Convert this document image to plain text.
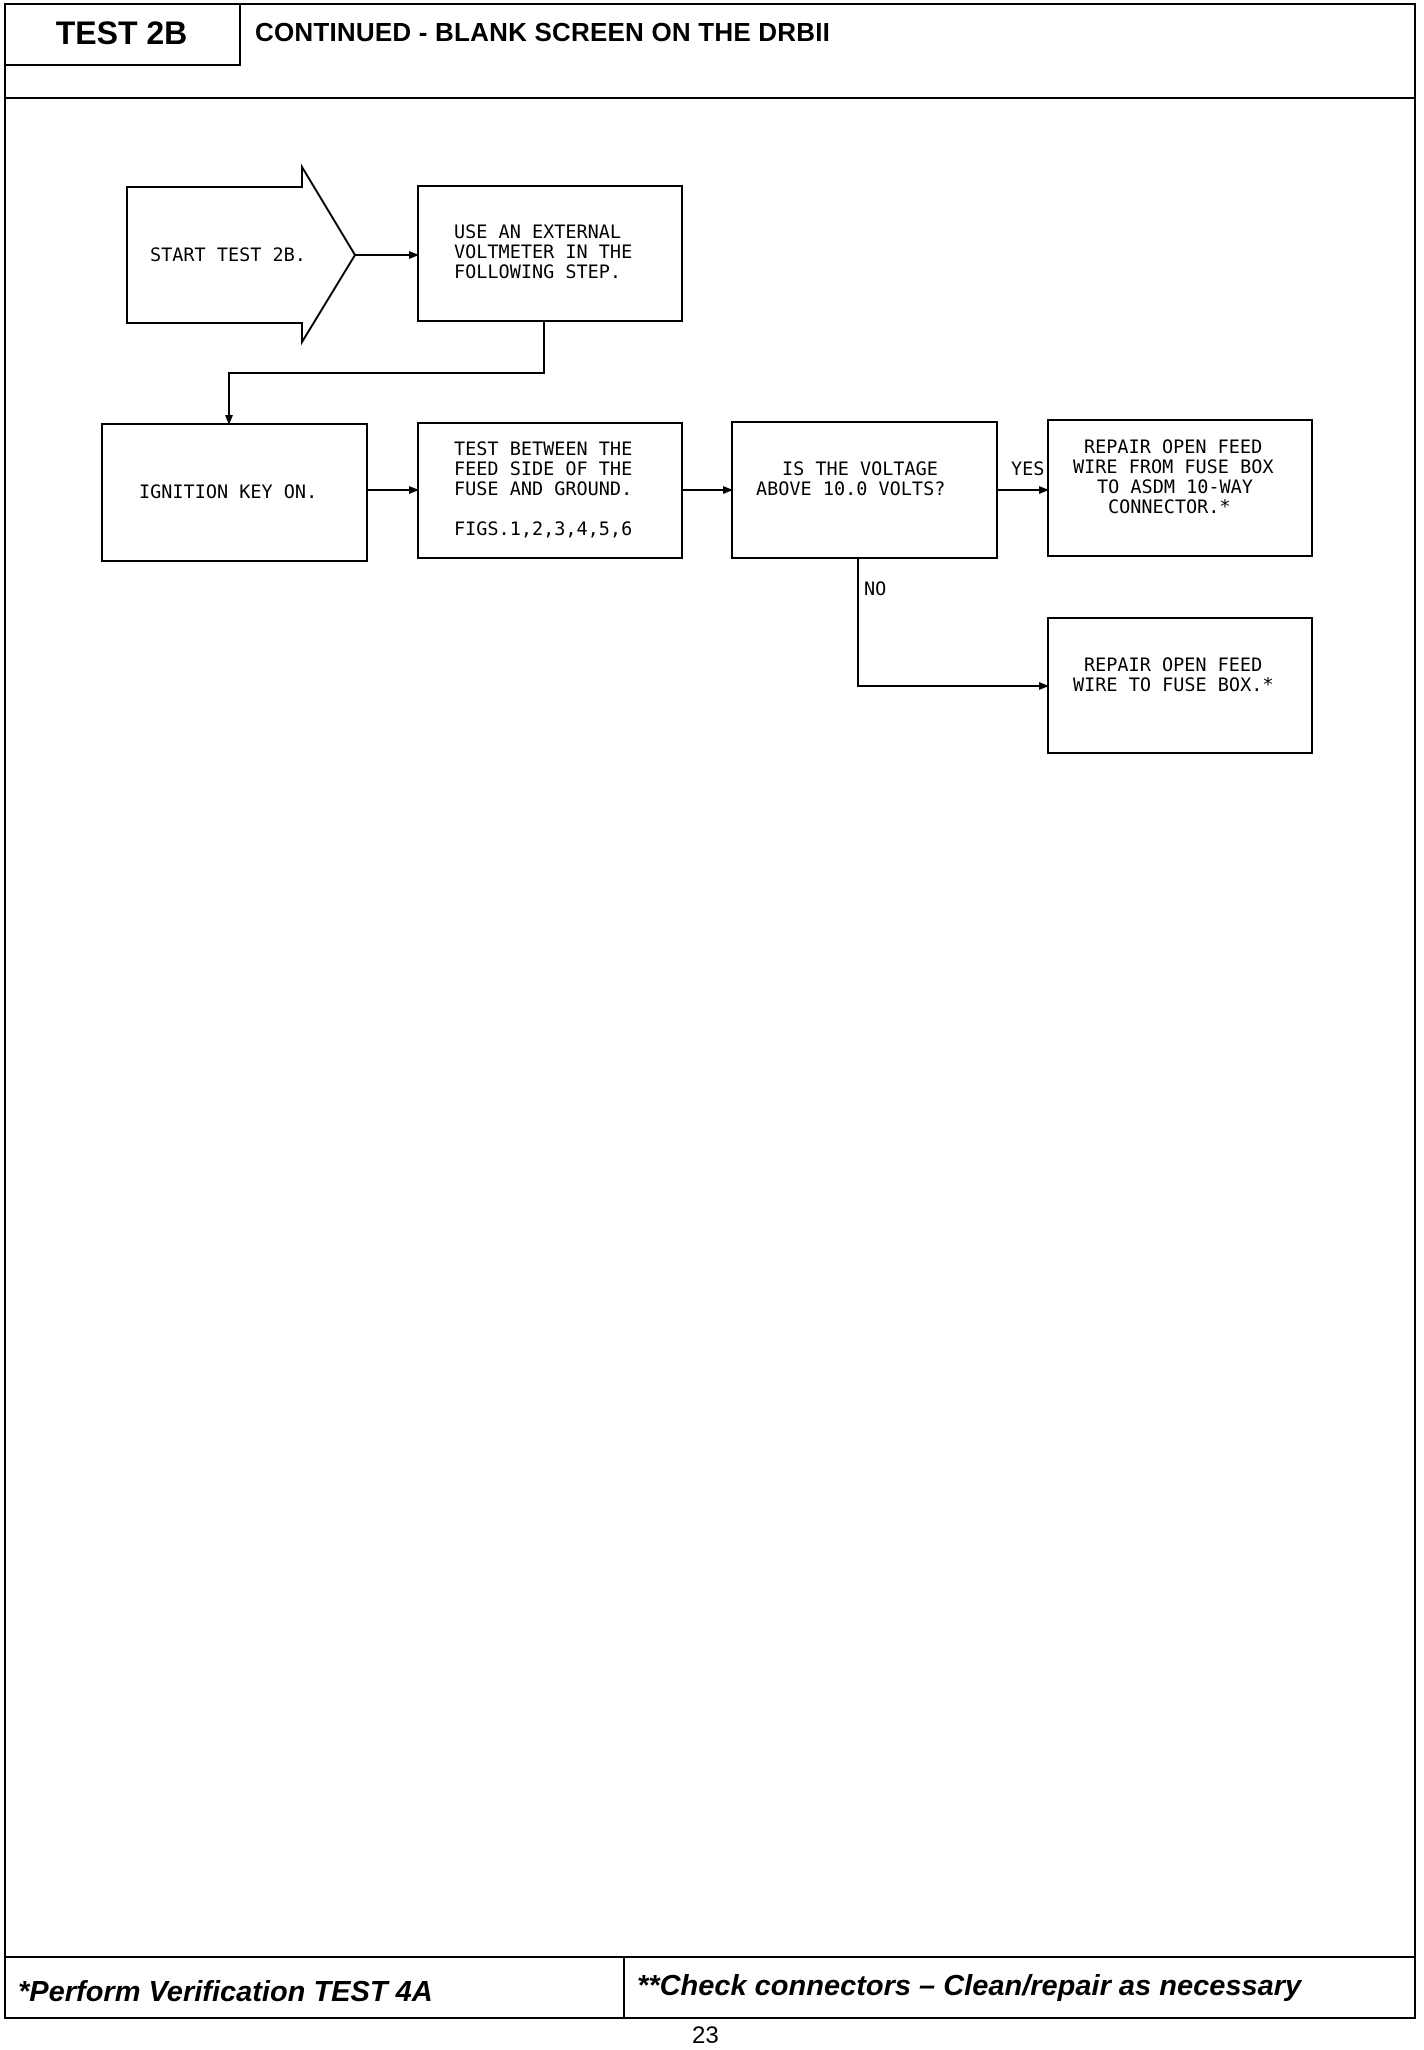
TEST 2B	CONTINUED - BLANK SCREEN ON THE DRBII
START TEST 2B.
USE AN EXTERNAL
VOLTMETER IN THE
FOLLOWING STEP.
IGNITION KEY ON.
TEST BETWEEN THE
FEED SIDE OF THE
FUSE AND GROUND.
FIGS.1,2,3,4,5,6
IS THE VOLTAGE
ABOVE 10.0 VOLTS?
REPAIR OPEN FEED
WIRE FROM FUSE BOX
TO ASDM 10-WAY
CONNECTOR.*
REPAIR OPEN FEED
WIRE TO FUSE BOX.*
YES
NO
*Perform Verification TEST 4A	**Check connectors – Clean/repair as necessary
23
